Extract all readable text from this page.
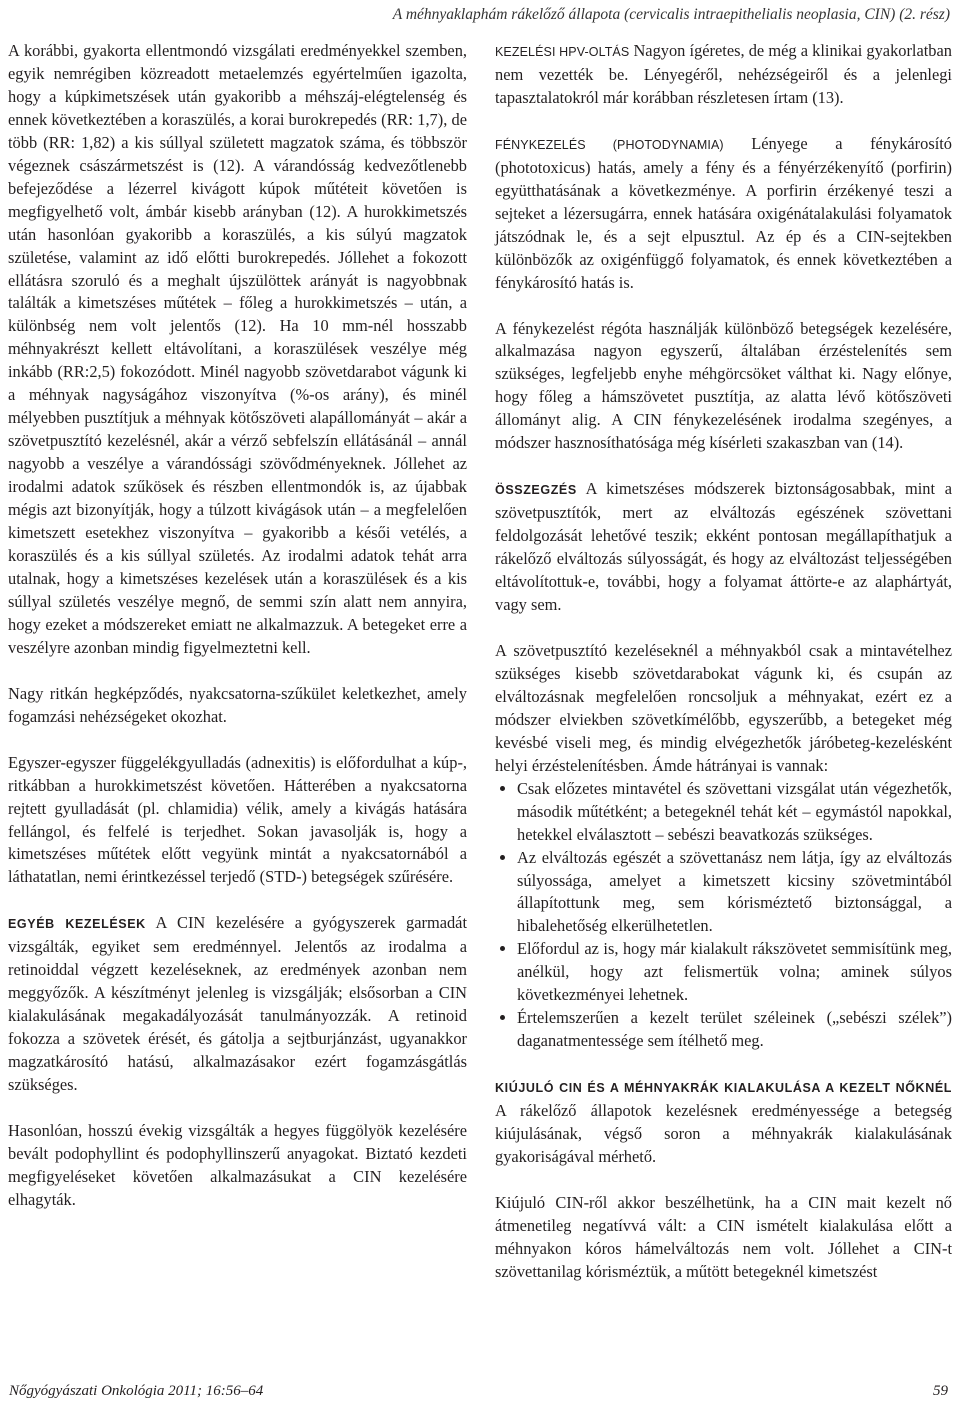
A méhnyaklaphám rákelőző állapota (cervicalis intraepithelialis neoplasia, CIN) (2. rész)

A korábbi, gyakorta ellentmondó vizsgálati eredményekkel szemben, egyik nemrégiben közreadott metaelemzés egyértelműen igazolta, hogy a kúpkimetszések után gyakoribb a méhszáj-elégtelenség és ennek következtében a koraszülés, a korai burokrepedés (RR: 1,7), de több (RR: 1,82) a kis súllyal született magzatok száma, és többször végeznek császármetszést is (12). A várandósság kedvezőtlenebb befejeződése a lézerrel kivágott kúpok műtéteit követően is megfigyelhető volt, ámbár kisebb arányban (12). A hurokkimetszés után hasonlóan gyakoribb a koraszülés, a kis súlyú magzatok születése, valamint az idő előtti burokrepedés. Jóllehet a fokozott ellátásra szoruló és a meghalt újszülöttek arányát is nagyobbnak találták a kimetszéses műtétek – főleg a hurokkimetszés – után, a különbség nem volt jelentős (12). Ha 10 mm-nél hosszabb méhnyakrészt kellett eltávolítani, a koraszülések veszélye még inkább (RR:2,5) fokozódott. Minél nagyobb szövetdarabot vágunk ki a méhnyak nagyságához viszonyítva (%-os arány), és minél mélyebben pusztítjuk a méhnyak kötőszöveti alapállományát – akár a szövetpusztító kezelésnél, akár a vérző sebfelszín ellátásánál – annál nagyobb a veszélye a várandóssági szövődményeknek. Jóllehet az irodalmi adatok szűkösek és részben ellentmondók is, az újabbak mégis azt bizonyítják, hogy a túlzott kivágások után – a megfelelően kimetszett esetekhez viszonyítva – gyakoribb a késői vetélés, a koraszülés és a kis súllyal születés. Az irodalmi adatok tehát arra utalnak, hogy a kimetszéses kezelések után a koraszülések és a kis súllyal születés veszélye megnő, de semmi szín alatt nem annyira, hogy ezeket a módszereket emiatt ne alkalmazzuk. A betegeket erre a veszélyre azonban mindig figyelmeztetni kell.

Nagy ritkán hegképződés, nyakcsatorna-szűkület keletkezhet, amely fogamzási nehézségeket okozhat.

Egyszer-egyszer függelékgyulladás (adnexitis) is előfordulhat a kúp-, ritkábban a hurokkimetszést követően. Hátterében a nyakcsatorna rejtett gyulladását (pl. chlamidia) vélik, amely a kivágás hatására fellángol, és felfelé is terjedhet. Sokan javasolják is, hogy a kimetszéses műtétek előtt vegyünk mintát a nyakcsatornából a láthatatlan, nemi érintkezéssel terjedő (STD-) betegségek szűrésére.

EGYÉB KEZELÉSEK A CIN kezelésére a gyógyszerek garmadát vizsgálták, egyiket sem eredménnyel. Jelentős az irodalma a retinoiddal végzett kezeléseknek, az eredmények azonban nem meggyőzők. A készítményt jelenleg is vizsgálják; elsősorban a CIN kialakulásának megakadályozását tanulmányozzák. A retinoid fokozza a szövetek érését, és gátolja a sejtburjánzást, ugyanakkor magzatkárosító hatású, alkalmazásakor ezért fogamzásgátlás szükséges.

Hasonlóan, hosszú évekig vizsgálták a hegyes függölyök kezelésére bevált podophyllint és podophyllinszerű anyagokat. Biztató kezdeti megfigyeléseket követően alkalmazásukat a CIN kezelésére elhagyták.

KEZELÉSI HPV-OLTÁS Nagyon ígéretes, de még a klinikai gyakorlatban nem vezették be. Lényegéről, nehézségeiről és a jelenlegi tapasztalatokról már korábban részletesen írtam (13).

FÉNYKEZELÉS (PHOTODYNAMIA) Lényege a fénykárosító (phototoxicus) hatás, amely a fény és a fényérzékenyítő (porfirin) együtthatásának a következménye. A porfirin érzékenyé teszi a sejteket a lézersugárra, ennek hatására oxigénátalakulási folyamatok játszódnak le, és a sejt elpusztul. Az ép és a CIN-sejtekben különbözők az oxigénfüggő folyamatok, és ennek következtében a fénykárosító hatás is.

A fénykezelést régóta használják különböző betegségek kezelésére, alkalmazása nagyon egyszerű, általában érzéstelenítés sem szükséges, legfeljebb enyhe méhgörcsöket válthat ki. Nagy előnye, hogy főleg a hámszövetet pusztítja, az alatta lévő kötőszöveti állományt alig. A CIN fénykezelésének irodalma szegényes, a módszer hasznosíthatósága még kísérleti szakaszban van (14).

ÖSSZEGZÉS A kimetszéses módszerek biztonságosabbak, mint a szövetpusztítók, mert az elváltozás egészének szövettani feldolgozását lehetővé teszik; ekként pontosan megállapíthatjuk a rákelőző elváltozás súlyosságát, és hogy az elváltozást teljességében eltávolítottuk-e, további, hogy a folyamat áttörte-e az alaphártyát, vagy sem.

A szövetpusztító kezeléseknél a méhnyakból csak a mintavételhez szükséges kisebb szövetdarabokat vágunk ki, és csupán az elváltozásnak megfelelően roncsoljuk a méhnyakat, ezért ez a módszer elviekben szövetkímélőbb, egyszerűbb, a betegeket még kevésbé viseli meg, és mindig elvégezhetők járóbeteg-kezelésként helyi érzéstelenítésben. Ámde hátrányai is vannak:

• Csak előzetes mintavétel és szövettani vizsgálat után végezhetők, második műtétként; a betegeknél tehát két – egymástól napokkal, hetekkel elválasztott – sebészi beavatkozás szükséges.
• Az elváltozás egészét a szövettanász nem látja, így az elváltozás súlyossága, amelyet a kimetszett kicsiny szövetmintából állapítottunk meg, sem kórisméztető biztonsággal, a hibalehetőség elkerülhetetlen.
• Előfordul az is, hogy már kialakult rákszövetet semmisítünk meg, anélkül, hogy azt felismertük volna; aminek súlyos következményei lehetnek.
• Értelemszerűen a kezelt terület széleinek („sebészi szélek”) daganatmentessége sem ítélhető meg.

KIÚJULÓ CIN ÉS A MÉHNYAKRÁK KIALAKULÁSA A KEZELT NŐKNÉL A rákelőző állapotok kezelésnek eredményessége a betegség kiújulásának, végső soron a méhnyakrák kialakulásának gyakoriságával mérhető.

Kiújuló CIN-ről akkor beszélhetünk, ha a CIN mait kezelt nő átmenetileg negatívvá vált: a CIN ismételt kialakulása előtt a méhnyakon kóros hámelváltozás nem volt. Jóllehet a CIN-t szövettanilag kórisméztük, a műtött betegeknél kimetszést

Nőgyógyászati Onkológia 2011; 16:56–64	59
